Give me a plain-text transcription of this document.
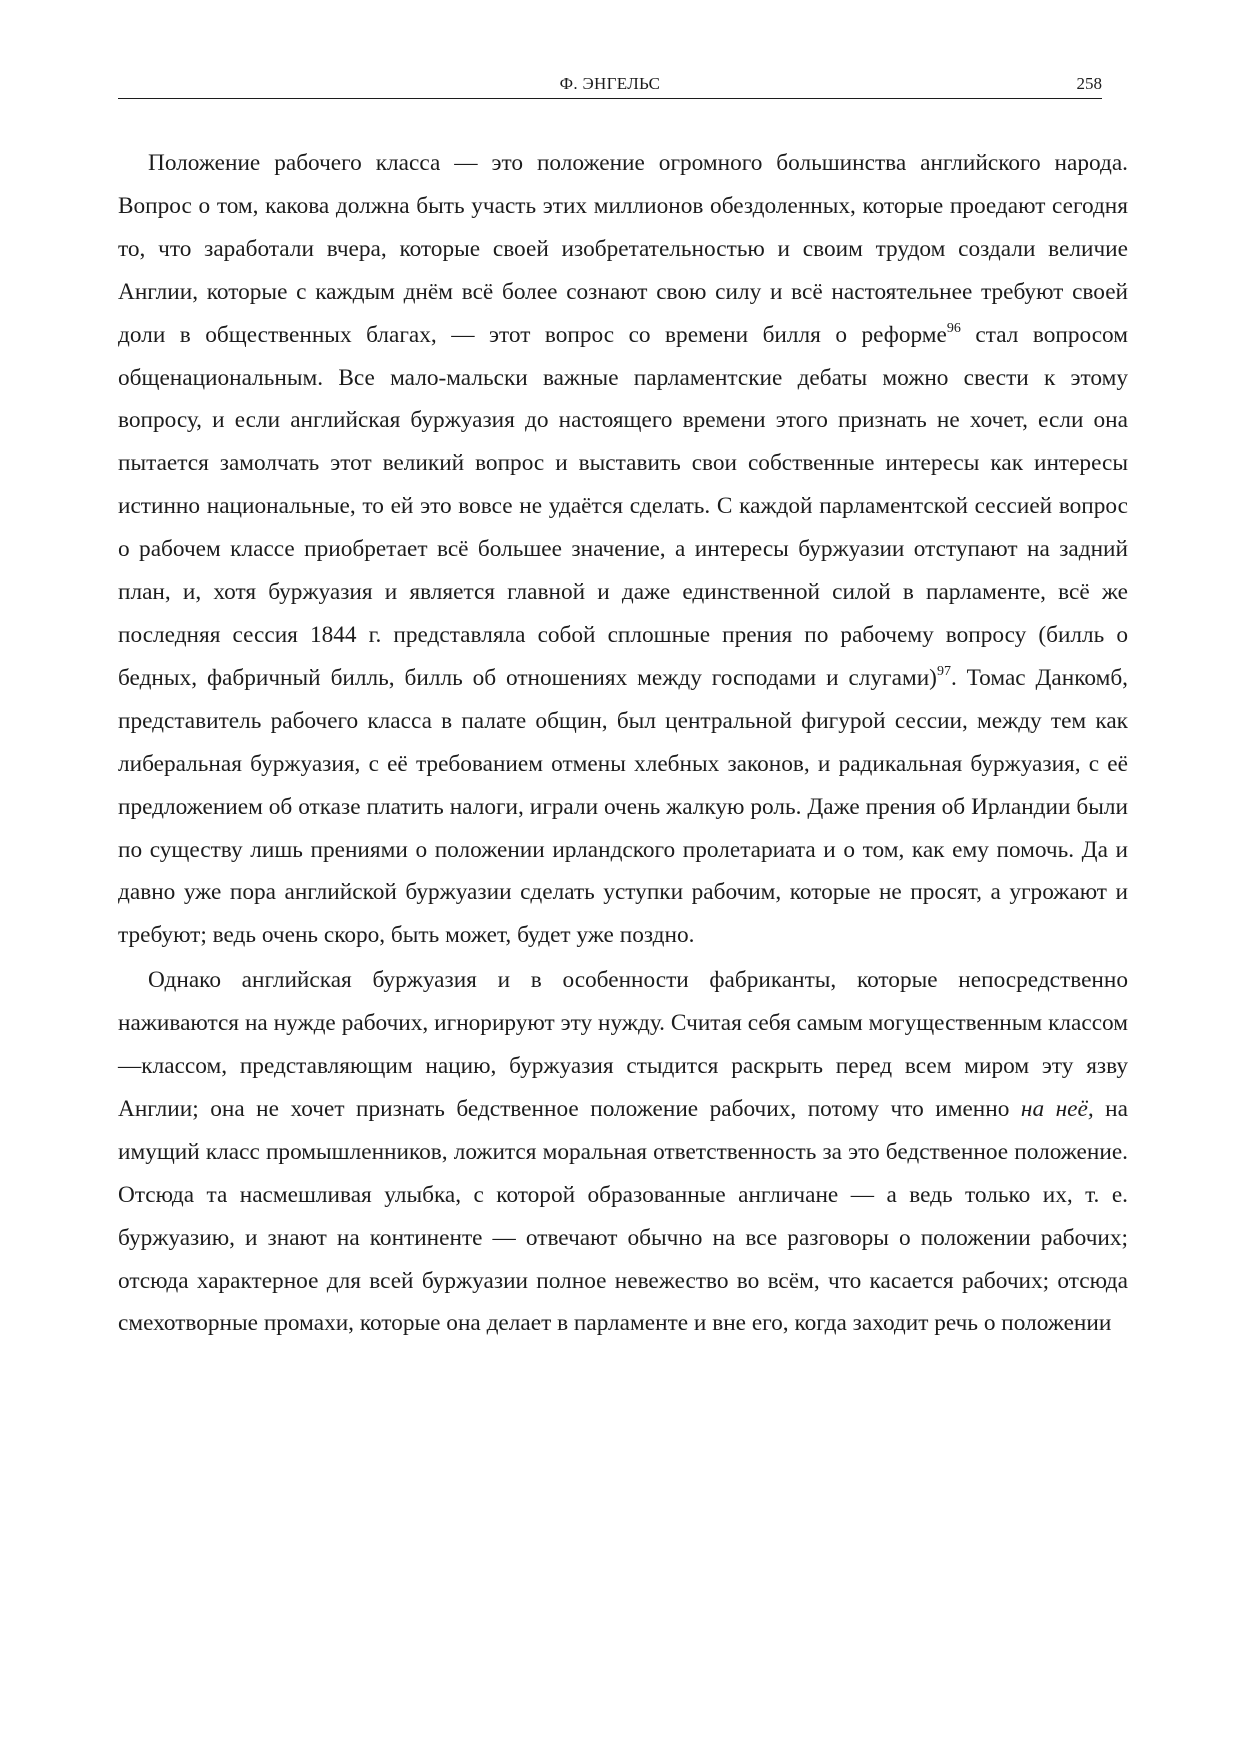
Ф. ЭНГЕЛЬС	258

Положение рабочего класса — это положение огромного большинства английского народа. Вопрос о том, какова должна быть участь этих миллионов обездоленных, которые проедают сегодня то, что заработали вчера, которые своей изобретательностью и своим трудом создали величие Англии, которые с каждым днём всё более сознают свою силу и всё настоятельнее требуют своей доли в общественных благах, — этот вопрос со времени билля о реформе$^{96}$ стал вопросом общенациональным. Все мало-мальски важные парламентские дебаты можно свести к этому вопросу, и если английская буржуазия до настоящего времени этого признать не хочет, если она пытается замолчать этот великий вопрос и выставить свои собственные интересы как интересы истинно национальные, то ей это вовсе не удаётся сделать. С каждой парламентской сессией вопрос о рабочем классе приобретает всё большее значение, а интересы буржуазии отступают на задний план, и, хотя буржуазия и является главной и даже единственной силой в парламенте, всё же последняя сессия 1844 г. представляла собой сплошные прения по рабочему вопросу (билль о бедных, фабричный билль, билль об отношениях между господами и слугами)$^{97}$. Томас Данкомб, представитель рабочего класса в палате общин, был центральной фигурой сессии, между тем как либеральная буржуазия, с её требованием отмены хлебных законов, и радикальная буржуазия, с её предложением об отказе платить налоги, играли очень жалкую роль. Даже прения об Ирландии были по существу лишь прениями о положении ирландского пролетариата и о том, как ему помочь. Да и давно уже пора английской буржуазии сделать уступки рабочим, которые не просят, а угрожают и требуют; ведь очень скоро, быть может, будет уже поздно.

Однако английская буржуазия и в особенности фабриканты, которые непосредственно наживаются на нужде рабочих, игнорируют эту нужду. Считая себя самым могущественным классом—классом, представляющим нацию, буржуазия стыдится раскрыть перед всем миром эту язву Англии; она не хочет признать бедственное положение рабочих, потому что именно на неё, на имущий класс промышленников, ложится моральная ответственность за это бедственное положение. Отсюда та насмешливая улыбка, с которой образованные англичане — а ведь только их, т. е. буржуазию, и знают на континенте — отвечают обычно на все разговоры о положении рабочих; отсюда характерное для всей буржуазии полное невежество во всём, что касается рабочих; отсюда смехотворные промахи, которые она делает в парламенте и вне его, когда заходит речь о положении
